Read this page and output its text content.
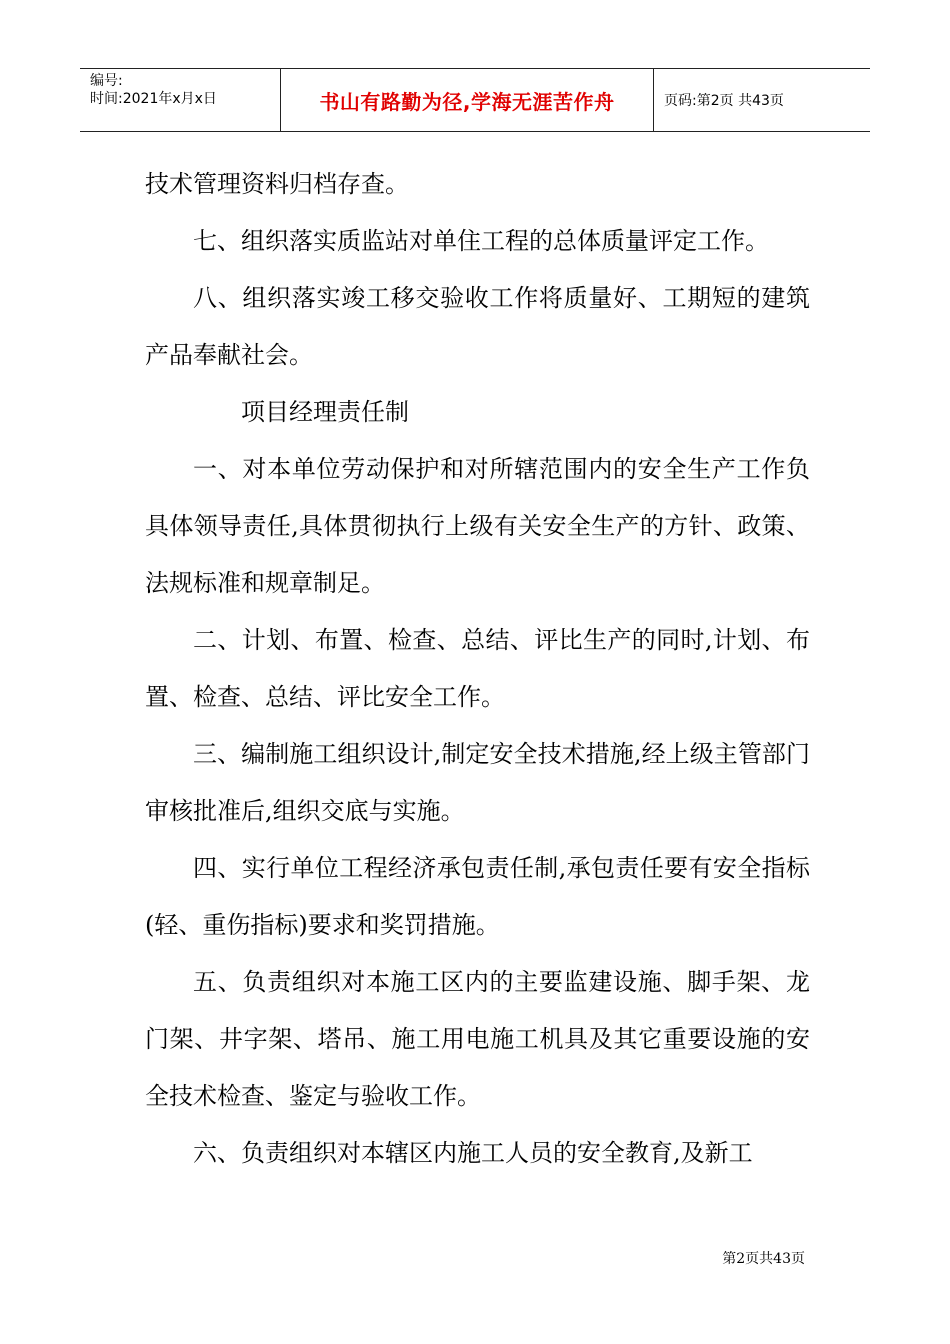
编号:
时间:2021年x月x日	书山有路勤为径,学海无涯苦作舟	页码:第2页 共43页

技术管理资料归档存查。

七、组织落实质监站对单住工程的总体质量评定工作。

八、组织落实竣工移交验收工作将质量好、工期短的建筑产品奉献社会。

项目经理责任制

一、对本单位劳动保护和对所辖范围内的安全生产工作负具体领导责任,具体贯彻执行上级有关安全生产的方针、政策、法规标准和规章制足。

二、计划、布置、检查、总结、评比生产的同时,计划、布置、检查、总结、评比安全工作。

三、编制施工组织设计,制定安全技术措施,经上级主管部门审核批准后,组织交底与实施。

四、实行单位工程经济承包责任制,承包责任要有安全指标(轻、重伤指标)要求和奖罚措施。

五、负责组织对本施工区内的主要监建设施、脚手架、龙门架、井字架、塔吊、施工用电施工机具及其它重要设施的安全技术检查、鉴定与验收工作。

六、负责组织对本辖区内施工人员的安全教育,及新工

第2页共43页
